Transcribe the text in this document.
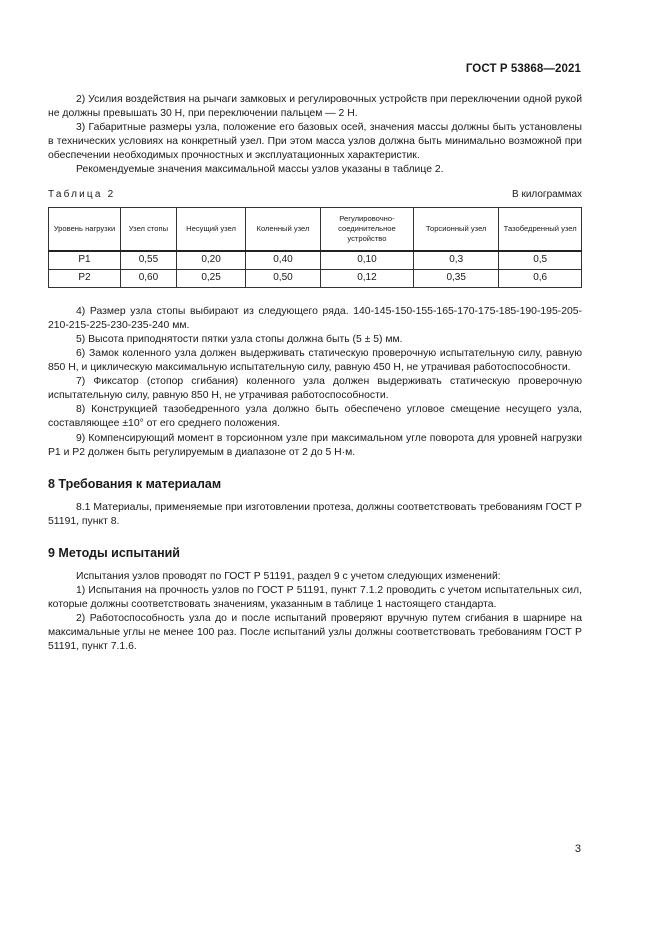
ГОСТ Р 53868—2021

2) Усилия воздействия на рычаги замковых и регулировочных устройств при переключении одной рукой не должны превышать 30 Н, при переключении пальцем — 2 Н.

3) Габаритные размеры узла, положение его базовых осей, значения массы должны быть установлены в технических условиях на конкретный узел. При этом масса узлов должна быть минимально возможной при обеспечении необходимых прочностных и эксплуатационных характеристик.

Рекомендуемые значения максимальной массы узлов указаны в таблице 2.

Таблица 2	В килограммах
Уровень нагрузки	Узел стопы	Несущий узел	Коленный узел	Регулировочно-соединительное устройство	Торсионный узел	Тазобедренный узел
Р1	0,55	0,20	0,40	0,10	0,3	0,5
Р2	0,60	0,25	0,50	0,12	0,35	0,6

4) Размер узла стопы выбирают из следующего ряда. 140-145-150-155-165-170-175-185-190-195-205-210-215-225-230-235-240 мм.

5) Высота приподнятости пятки узла стопы должна быть (5 ± 5) мм.

6) Замок коленного узла должен выдерживать статическую проверочную испытательную силу, равную 850 Н, и циклическую максимальную испытательную силу, равную 450 Н, не утрачивая работоспособности.

7) Фиксатор (стопор сгибания) коленного узла должен выдерживать статическую проверочную испытательную силу, равную 850 Н, не утрачивая работоспособности.

8) Конструкцией тазобедренного узла должно быть обеспечено угловое смещение несущего узла, составляющее ±10° от его среднего положения.

9) Компенсирующий момент в торсионном узле при максимальном угле поворота для уровней нагрузки Р1 и Р2 должен быть регулируемым в диапазоне от 2 до 5 Н·м.

8 Требования к материалам

8.1 Материалы, применяемые при изготовлении протеза, должны соответствовать требованиям ГОСТ Р 51191, пункт 8.

9 Методы испытаний

Испытания узлов проводят по ГОСТ Р 51191, раздел 9 с учетом следующих изменений:

1) Испытания на прочность узлов по ГОСТ Р 51191, пункт 7.1.2 проводить с учетом испытательных сил, которые должны соответствовать значениям, указанным в таблице 1 настоящего стандарта.

2) Работоспособность узла до и после испытаний проверяют вручную путем сгибания в шарнире на максимальные углы не менее 100 раз. После испытаний узлы должны соответствовать требованиям ГОСТ Р 51191, пункт 7.1.6.

3
